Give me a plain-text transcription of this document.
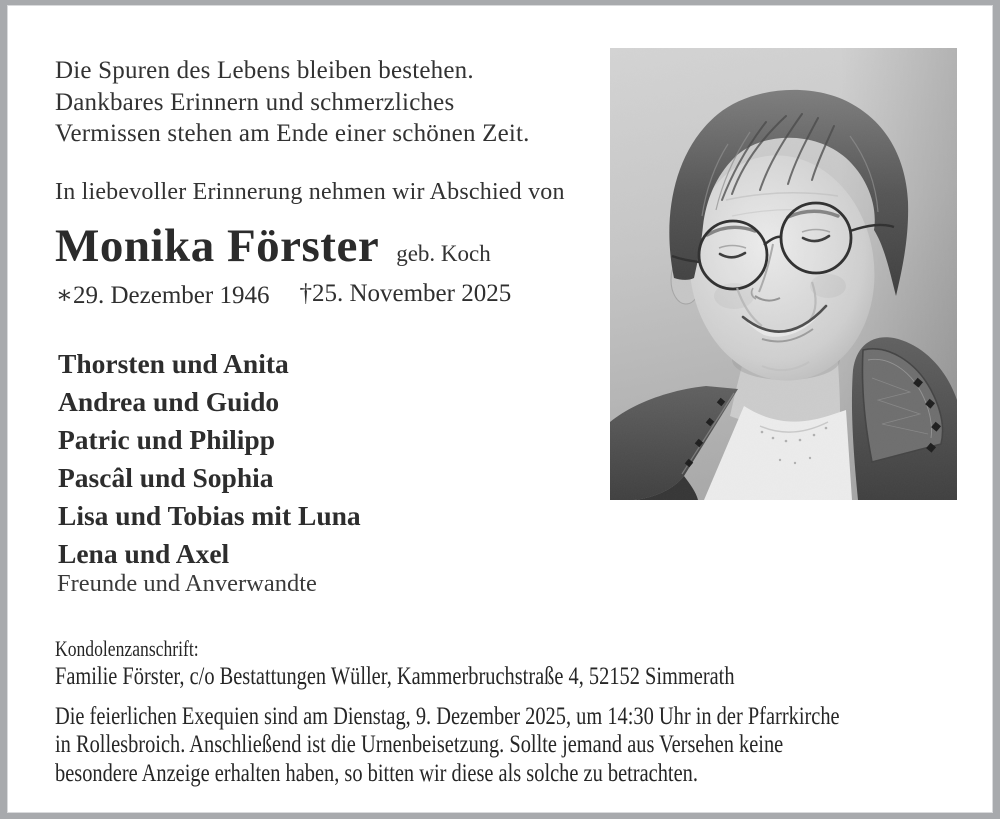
Die Spuren des Lebens bleiben bestehen.
Dankbares Erinnern und schmerzliches
Vermissen stehen am Ende einer schönen Zeit.
In liebevoller Erinnerung nehmen wir Abschied von
Monika Förster geb. Koch
∗29. Dezember 1946 †25. November 2025
Thorsten und Anita
Andrea und Guido
Patric und Philipp
Pascâl und Sophia
Lisa und Tobias mit Luna
Lena und Axel
Freunde und Anverwandte
Kondolenzanschrift:
Familie Förster, c/o Bestattungen Wüller, Kammerbruchstraße 4, 52152 Simmerath
Die feierlichen Exequien sind am Dienstag, 9. Dezember 2025, um 14:30 Uhr in der Pfarrkirche
in Rollesbroich. Anschließend ist die Urnenbeisetzung. Sollte jemand aus Versehen keine
besondere Anzeige erhalten haben, so bitten wir diese als solche zu betrachten.
